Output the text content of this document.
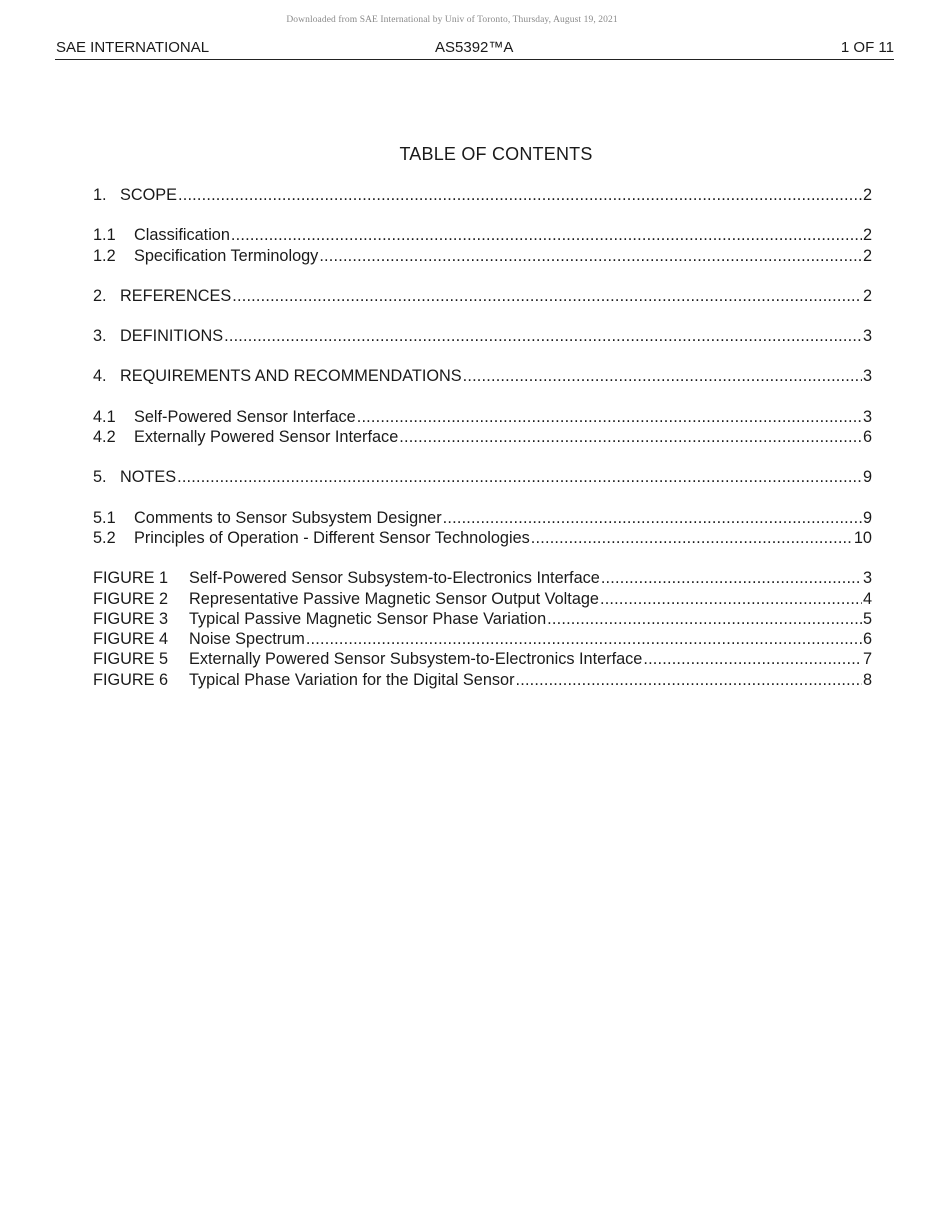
Downloaded from SAE International by Univ of Toronto, Thursday, August 19, 2021
SAE INTERNATIONAL	AS5392™A	1 OF 11
TABLE OF CONTENTS
1. SCOPE .....	2
1.1	Classification .....	2
1.2	Specification Terminology .....	2
2. REFERENCES .....	2
3. DEFINITIONS .....	3
4. REQUIREMENTS AND RECOMMENDATIONS .....	3
4.1	Self-Powered Sensor Interface .....	3
4.2	Externally Powered Sensor Interface .....	6
5. NOTES .....	9
5.1	Comments to Sensor Subsystem Designer .....	9
5.2	Principles of Operation - Different Sensor Technologies .....	10
FIGURE 1	Self-Powered Sensor Subsystem-to-Electronics Interface .....	3
FIGURE 2	Representative Passive Magnetic Sensor Output Voltage .....	4
FIGURE 3	Typical Passive Magnetic Sensor Phase Variation .....	5
FIGURE 4	Noise Spectrum .....	6
FIGURE 5	Externally Powered Sensor Subsystem-to-Electronics Interface .....	7
FIGURE 6	Typical Phase Variation for the Digital Sensor .....	8
